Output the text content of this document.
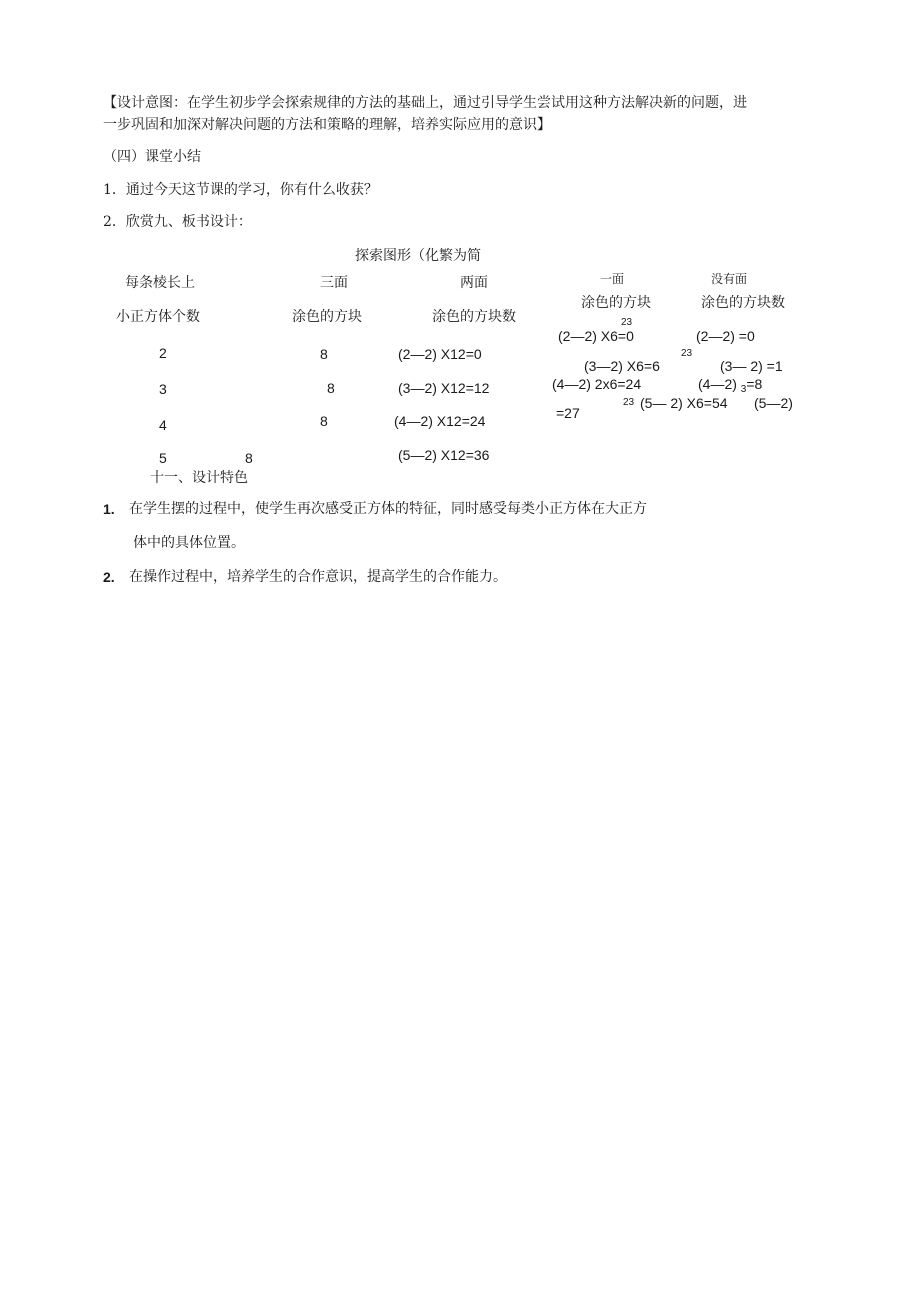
【设计意图：在学生初步学会探索规律的方法的基础上，通过引导学生尝试用这种方法解决新的问题，进
一步巩固和加深对解决问题的方法和策略的理解，培养实际应用的意识】
（四）课堂小结
1．通过今天这节课的学习，你有什么收获？
2．欣赏九、板书设计：
探索图形（化繁为简
每条棱长上
小正方体个数
三面
涂色的方块
两面
涂色的方块数
一面
涂色的方块
没有面
涂色的方块数
2
3
4
5
8
8
8
8
(2—2) X12=0
(3—2) X12=12
(4—2) X12=24
(5—2) X12=36
23
(2—2) X6=0
(3—2) X6=6
23
(4—2) 2x6=24
23 (5— 2) X6=54
=27
(2—2) =0
(3— 2) =1
(4—2) $_3$=8
(5—2)
十一、设计特色
1. 在学生摆的过程中，使学生再次感受正方体的特征，同时感受每类小正方体在大正方
体中的具体位置。
2. 在操作过程中，培养学生的合作意识，提高学生的合作能力。
